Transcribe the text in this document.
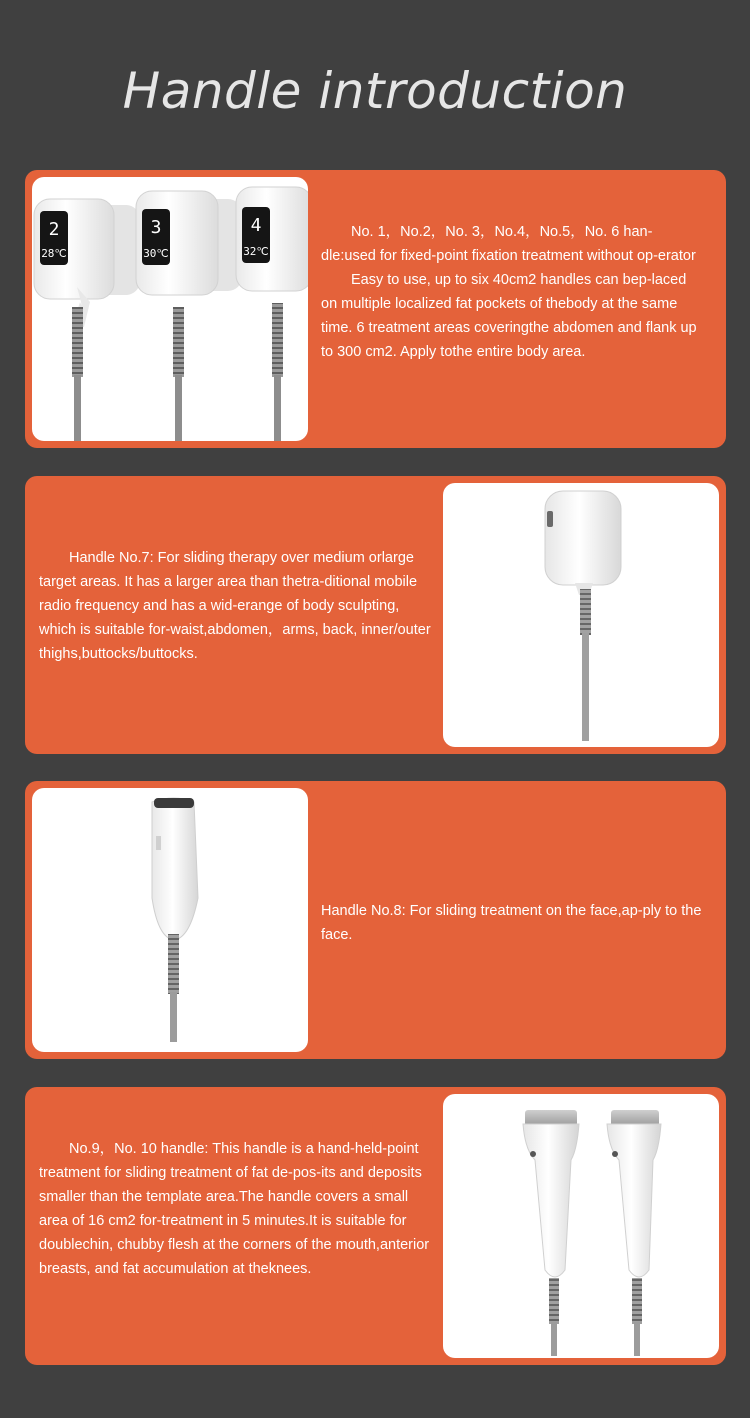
Handle introduction
2
28℃
3
30℃
4
32℃

No. 1，No.2，No. 3，No.4，No.5，No. 6 han-dle:used for fixed-point fixation treatment without op-erator

Easy to use, up to six 40cm2 handles can bep-laced on multiple localized fat pockets of thebody at the same time. 6 treatment areas coveringthe abdomen and flank up to 300 cm2. Apply tothe entire body area.

Handle No.7: For sliding therapy over medium orlarge target areas. It has a larger area than thetra-ditional mobile radio frequency and has a wid-erange of body sculpting, which is suitable for-waist,abdomen，arms, back, inner/outer thighs,buttocks/buttocks.

Handle No.8: For sliding treatment on the face,ap-ply to the face.

No.9，No. 10 handle: This handle is a hand-held-point treatment for sliding treatment of fat de-pos-its and deposits smaller than the template area.The handle covers a small area of 16 cm2 for-treatment in 5 minutes.It is suitable for doublechin, chubby flesh at the corners of the mouth,anterior breasts, and fat accumulation at theknees.
